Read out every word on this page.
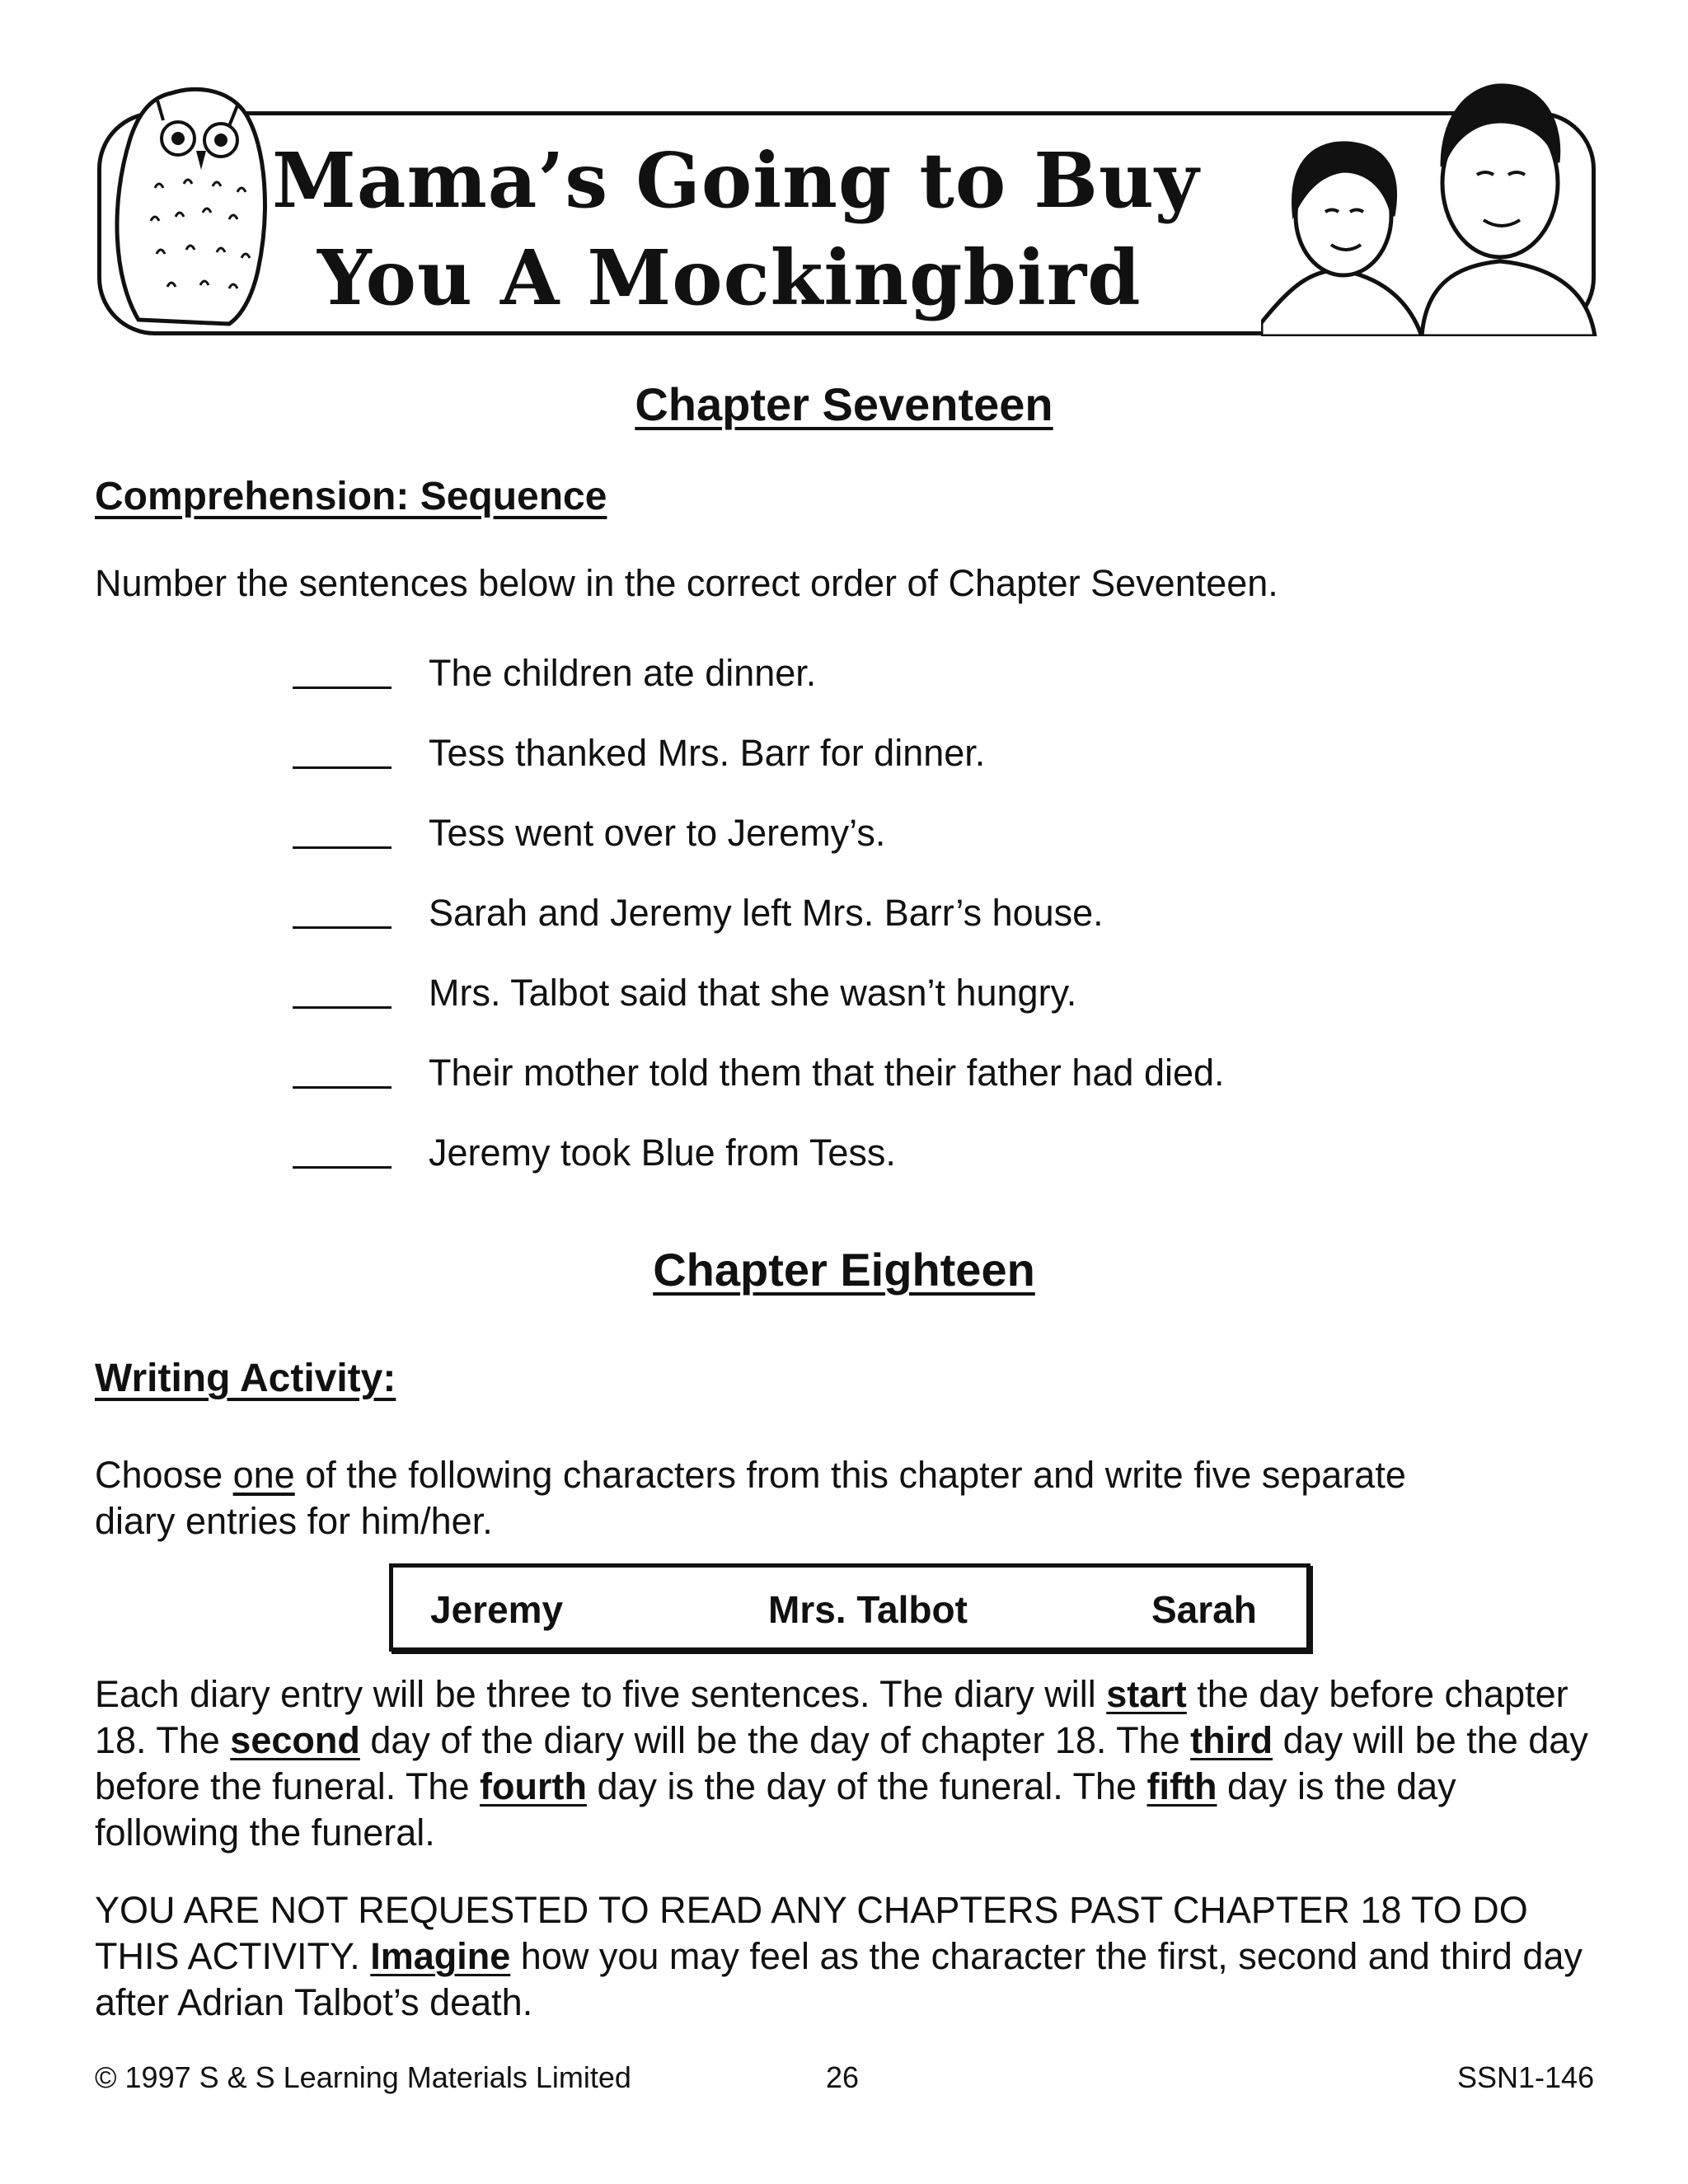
Mama’s Going to Buy
You A Mockingbird
Chapter Seventeen
Comprehension: Sequence
Number the sentences below in the correct order of Chapter Seventeen.
The children ate dinner.
Tess thanked Mrs. Barr for dinner.
Tess went over to Jeremy’s.
Sarah and Jeremy left Mrs. Barr’s house.
Mrs. Talbot said that she wasn’t hungry.
Their mother told them that their father had died.
Jeremy took Blue from Tess.
Chapter Eighteen
Writing Activity:
Choose one of the following characters from this chapter and write five separate diary entries for him/her.
Jeremy	Mrs. Talbot	Sarah
Each diary entry will be three to five sentences. The diary will start the day before chapter 18. The second day of the diary will be the day of chapter 18. The third day will be the day before the funeral. The fourth day is the day of the funeral. The fifth day is the day following the funeral.
YOU ARE NOT REQUESTED TO READ ANY CHAPTERS PAST CHAPTER 18 TO DO THIS ACTIVITY. Imagine how you may feel as the character the first, second and third day after Adrian Talbot’s death.
© 1997 S & S Learning Materials Limited	26	SSN1-146
